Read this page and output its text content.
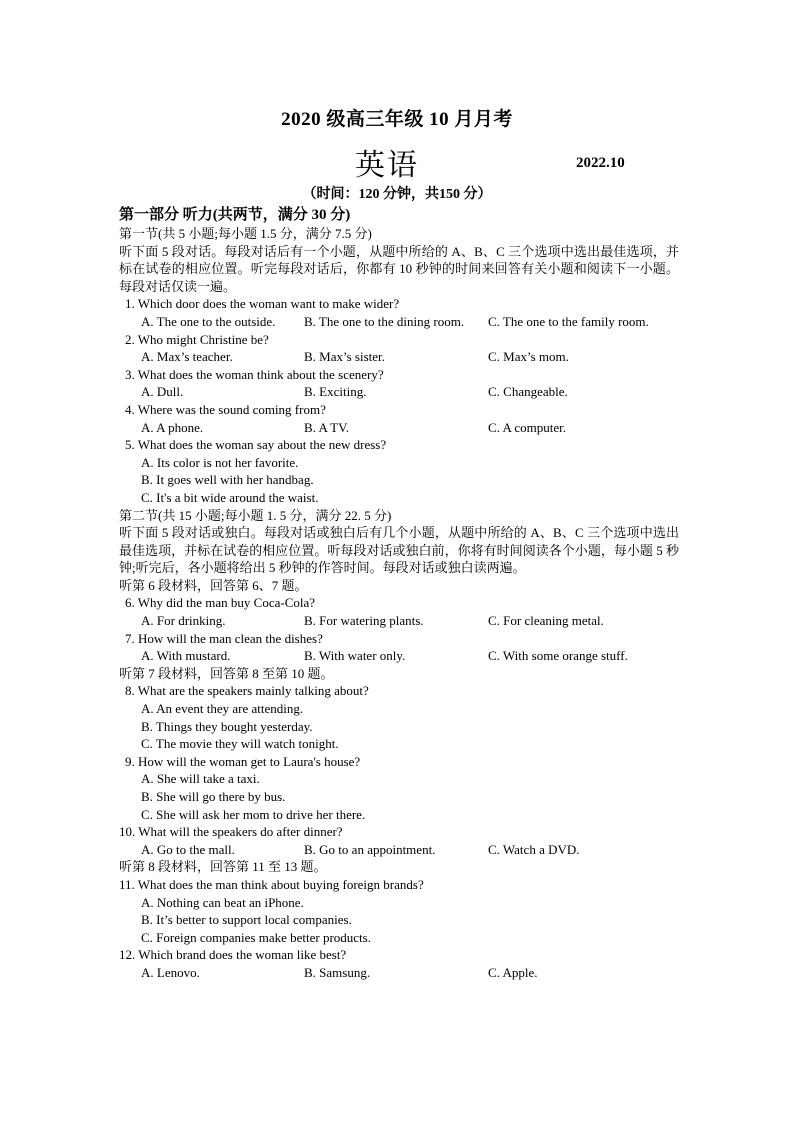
2020 级高三年级 10 月月考
英语	2022.10
（时间：120 分钟，共150 分）
第一部分 听力(共两节，满分 30 分)
第一节(共 5 小题;每小题 1.5 分，满分 7.5 分)
听下面 5 段对话。每段对话后有一个小题，从题中所给的 A、B、C 三个选项中选出最佳选项，并标在试卷的相应位置。听完每段对话后，你都有 10 秒钟的时间来回答有关小题和阅读下一小题。每段对话仅读一遍。
1. Which door does the woman want to make wider?
A. The one to the outside. B. The one to the dining room. C. The one to the family room.
2. Who might Christine be?
A. Max’s teacher.	B. Max’s sister.	C. Max’s mom.
3. What does the woman think about the scenery?
A. Dull.	B. Exciting.	C. Changeable.
4. Where was the sound coming from?
A. A phone.	B. A TV.	C. A computer.
5. What does the woman say about the new dress?
A. Its color is not her favorite.
B. It goes well with her handbag.
C. It's a bit wide around the waist.
第二节(共 15 小题;每小题 1. 5 分，满分 22. 5 分)
听下面 5 段对话或独白。每段对话或独白后有几个小题，从题中所给的 A、B、C 三个选项中选出最佳选项，并标在试卷的相应位置。听每段对话或独白前，你将有时间阅读各个小题，每小题 5 秒钟;听完后，各小题将给出 5 秒钟的作答时间。每段对话或独白读两遍。
听第 6 段材料，回答第 6、7 题。
6. Why did the man buy Coca-Cola?
A. For drinking.	B. For watering plants.	C. For cleaning metal.
7. How will the man clean the dishes?
A. With mustard.	B. With water only.	C. With some orange stuff.
听第 7 段材料，回答第 8 至第 10 题。
8. What are the speakers mainly talking about?
A. An event they are attending.
B. Things they bought yesterday.
C. The movie they will watch tonight.
9. How will the woman get to Laura's house?
A. She will take a taxi.
B. She will go there by bus.
C. She will ask her mom to drive her there.
10. What will the speakers do after dinner?
A. Go to the mall.	B. Go to an appointment.	C. Watch a DVD.
听第 8 段材料，回答第 11 至 13 题。
11. What does the man think about buying foreign brands?
A. Nothing can beat an iPhone.
B. It’s better to support local companies.
C. Foreign companies make better products.
12. Which brand does the woman like best?
A. Lenovo.	B. Samsung.	C. Apple.
